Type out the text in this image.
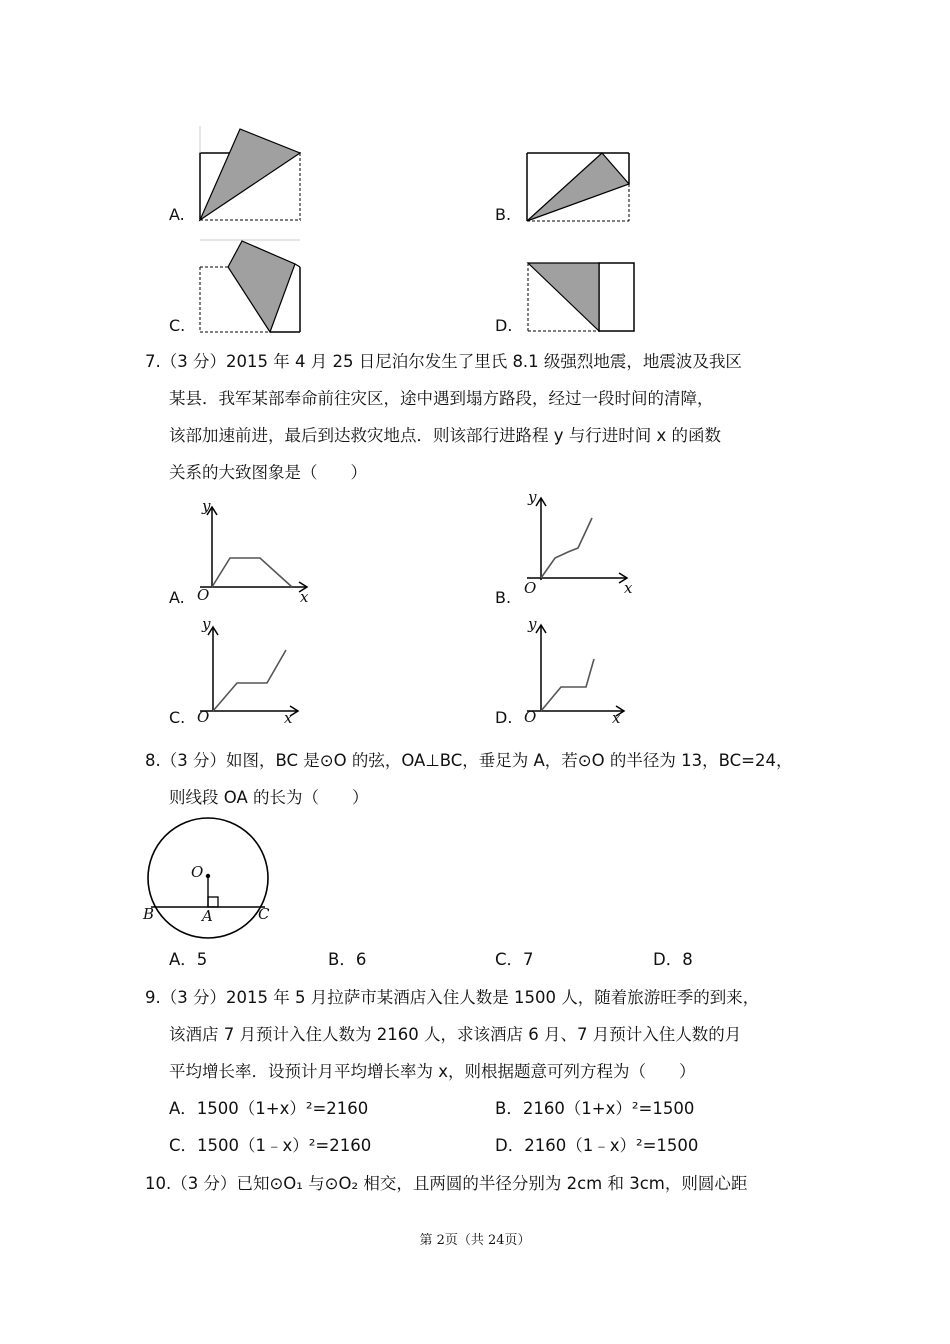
A.	B.
C.	D.
7.（3 分）2015 年 4 月 25 日尼泊尔发生了里氏 8.1 级强烈地震，地震波及我区
某县．我军某部奉命前往灾区，途中遇到塌方路段，经过一段时间的清障，
该部加速前进，最后到达救灾地点．则该部行进路程 y 与行进时间 x 的函数
关系的大致图象是（　　）
A.
y
x
O	B.
y
x
O
C.
y
x
O	D.
y
x
O
8.（3 分）如图，BC 是⊙O 的弦，OA⊥BC，垂足为 A，若⊙O 的半径为 13，BC=24，
则线段 OA 的长为（　　）
O
A
B	C
A．5	B．6	C．7	D．8
9.（3 分）2015 年 5 月拉萨市某酒店入住人数是 1500 人，随着旅游旺季的到来，
该酒店 7 月预计入住人数为 2160 人，求该酒店 6 月、7 月预计入住人数的月
平均增长率．设预计月平均增长率为 x，则根据题意可列方程为（　　）
A．1500（1+x）²=2160	B．2160（1+x）²=1500
C．1500（1﹣x）²=2160	D．2160（1﹣x）²=1500
10.（3 分）已知⊙O₁ 与⊙O₂ 相交，且两圆的半径分别为 2cm 和 3cm，则圆心距
第 2页（共 24页）
